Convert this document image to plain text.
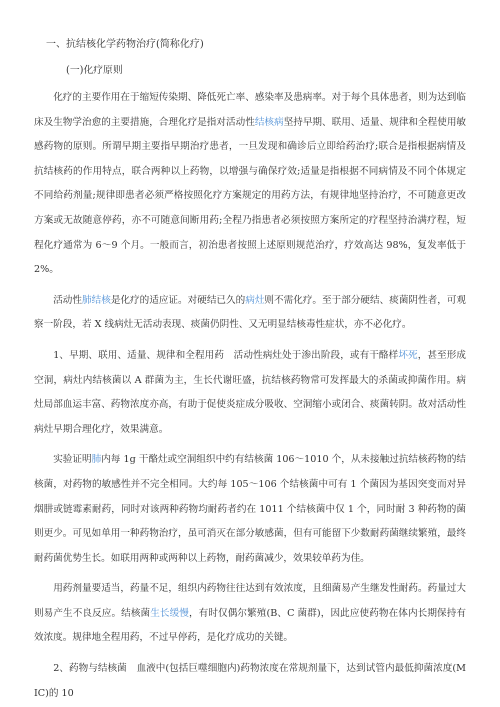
一、抗结核化学药物治疗(简称化疗)
(一)化疗原则

化疗的主要作用在于缩短传染期、降低死亡率、感染率及患病率。对于每个具体患者，则为达到临床及生物学治愈的主要措施，合理化疗是指对活动性结核病坚持早期、联用、适量、规律和全程使用敏感药物的原则。所谓早期主要指早期治疗患者，一旦发现和确诊后立即给药治疗;联合是指根据病情及抗结核药的作用特点，联合两种以上药物，以增强与确保疗效;适量是指根据不同病情及不同个体规定不同给药剂量;规律即患者必须严格按照化疗方案规定的用药方法，有规律地坚持治疗，不可随意更改方案或无故随意停药，亦不可随意间断用药;全程乃指患者必须按照方案所定的疗程坚持治满疗程，短程化疗通常为 6～9 个月。一般而言，初治患者按照上述原则规范治疗，疗效高达 98%，复发率低于 2%。

活动性肺结核是化疗的适应证。对硬结已久的病灶则不需化疗。至于部分硬结、痰菌阴性者，可观察一阶段，若 X 线病灶无活动表现、痰菌仍阴性、又无明显结核毒性症状，亦不必化疗。

1、早期、联用、适量、规律和全程用药　活动性病灶处于渗出阶段，或有干酪样坏死，甚至形成空洞，病灶内结核菌以 A 群菌为主，生长代谢旺盛，抗结核药物常可发挥最大的杀菌或抑菌作用。病灶局部血运丰富、药物浓度亦高，有助于促使炎症成分吸收、空洞缩小或闭合、痰菌转阴。故对活动性病灶早期合理化疗，效果满意。

实验证明肺内每 1g 干酪灶或空洞组织中约有结核菌 106～1010 个，从未接触过抗结核药物的结核菌，对药物的敏感性并不完全相同。大约每 105～106 个结核菌中可有 1 个菌因为基因突变而对异烟肼或链霉素耐药，同时对该两种药物均耐药者约在 1011 个结核菌中仅 1 个，同时耐 3 种药物的菌则更少。可见如单用一种药物治疗，虽可消灭在部分敏感菌，但有可能留下少数耐药菌继续繁殖，最终耐药菌优势生长。如联用两种或两种以上药物，耐药菌减少，效果较单药为佳。

用药剂量要适当，药量不足，组织内药物往往达到有效浓度，且细菌易产生继发性耐药。药量过大则易产生不良反应。结核菌生长缓慢，有时仅偶尔繁殖(B、C 菌群)，因此应使药物在体内长期保持有效浓度。规律地全程用药，不过早停药，是化疗成功的关键。

2、药物与结核菌　血液中(包括巨噬细胞内)药物浓度在常规剂量下，达到试管内最低抑菌浓度(MIC)的 10
